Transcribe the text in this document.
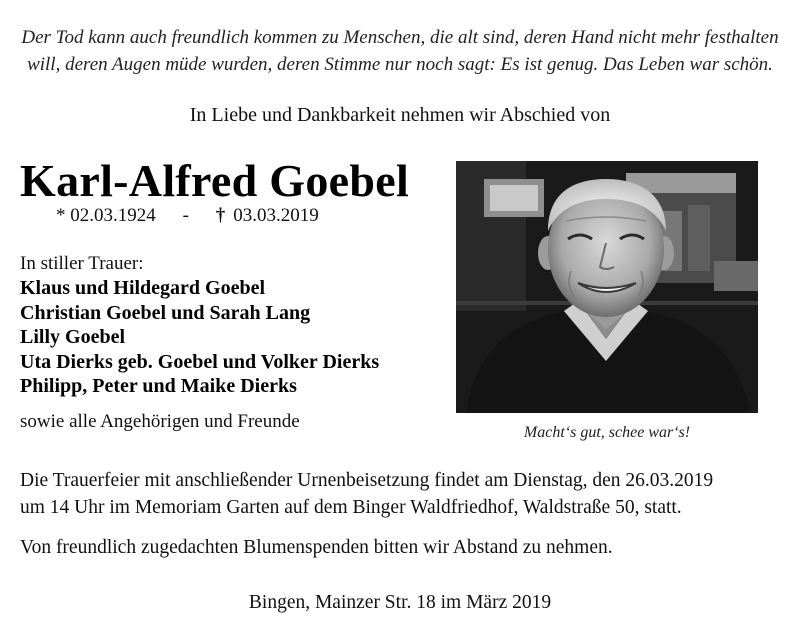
Der Tod kann auch freundlich kommen zu Menschen, die alt sind, deren Hand nicht mehr festhalten
will, deren Augen müde wurden, deren Stimme nur noch sagt: Es ist genug. Das Leben war schön.
In Liebe und Dankbarkeit nehmen wir Abschied von
Karl-Alfred Goebel
* 02.03.1924	-	† 03.03.2019
In stiller Trauer:
Klaus und Hildegard Goebel
Christian Goebel und Sarah Lang
Lilly Goebel
Uta Dierks geb. Goebel und Volker Dierks
Philipp, Peter und Maike Dierks
sowie alle Angehörigen und Freunde
Macht‘s gut, schee war‘s!
Die Trauerfeier mit anschließender Urnenbeisetzung findet am Dienstag, den 26.03.2019
um 14 Uhr im Memoriam Garten auf dem Binger Waldfriedhof, Waldstraße 50, statt.
Von freundlich zugedachten Blumenspenden bitten wir Abstand zu nehmen.
Bingen, Mainzer Str. 18 im März 2019
